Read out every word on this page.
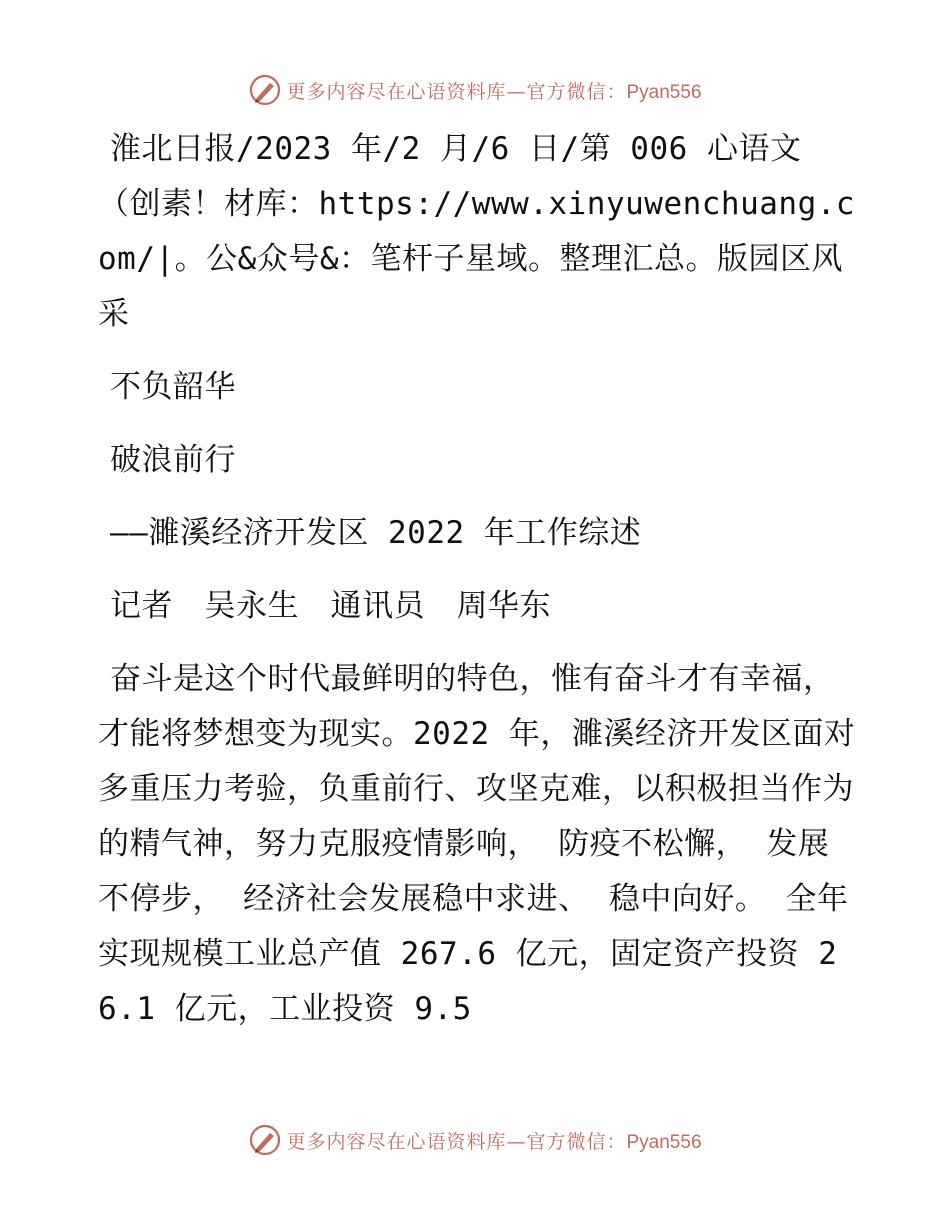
更多内容尽在心语资料库—官方微信：Pyan556

淮北日报/2023 年/2 月/6 日/第 006 心语文（创素！材库：https://www.xinyuwenchuang.com/|。公&众号&：笔杆子星域。整理汇总。版园区风采

不负韶华

破浪前行

——濉溪经济开发区 2022 年工作综述

记者　吴永生　通讯员　周华东

奋斗是这个时代最鲜明的特色，惟有奋斗才有幸福，才能将梦想变为现实。2022 年，濉溪经济开发区面对多重压力考验，负重前行、攻坚克难，以积极担当作为的精气神，努力克服疫情影响， 防疫不松懈， 发展不停步， 经济社会发展稳中求进、 稳中向好。 全年实现规模工业总产值 267.6 亿元，固定资产投资 26.1 亿元，工业投资 9.5

更多内容尽在心语资料库—官方微信：Pyan556
